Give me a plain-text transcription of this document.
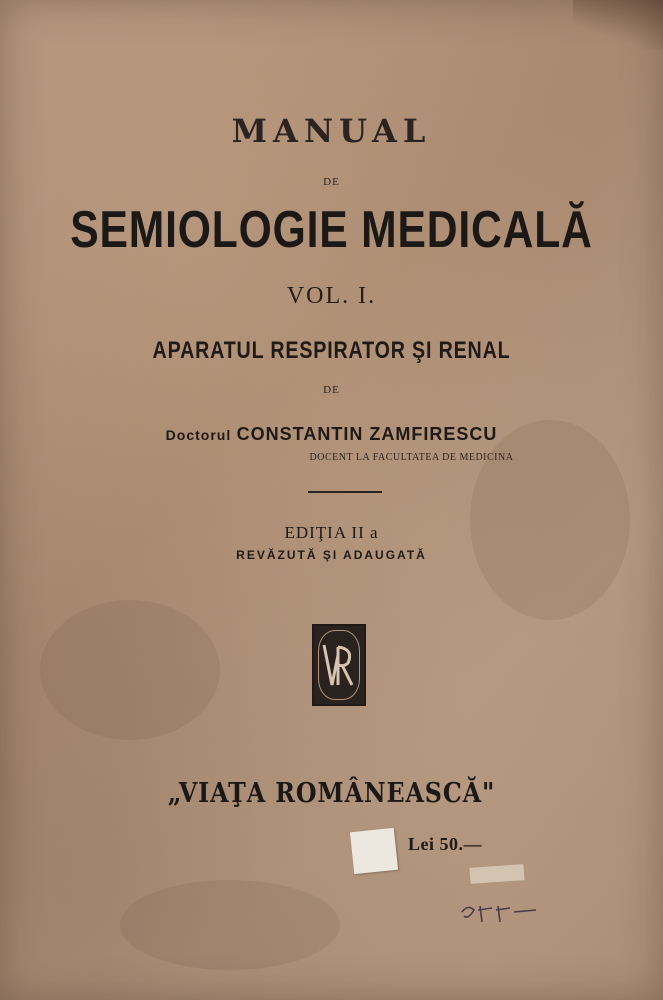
MANUAL
DE
SEMIOLOGIE MEDICALĂ
VOL. I.
APARATUL RESPIRATOR ŞI RENAL
DE
Doctorul CONSTANTIN ZAMFIRESCU
DOCENT LA FACULTATEA DE MEDICINA
EDIŢIA II a
REVĂZUTĂ ŞI ADAUGATĂ
„VIAŢA ROMÂNEASCĂ"
Lei 50.—
